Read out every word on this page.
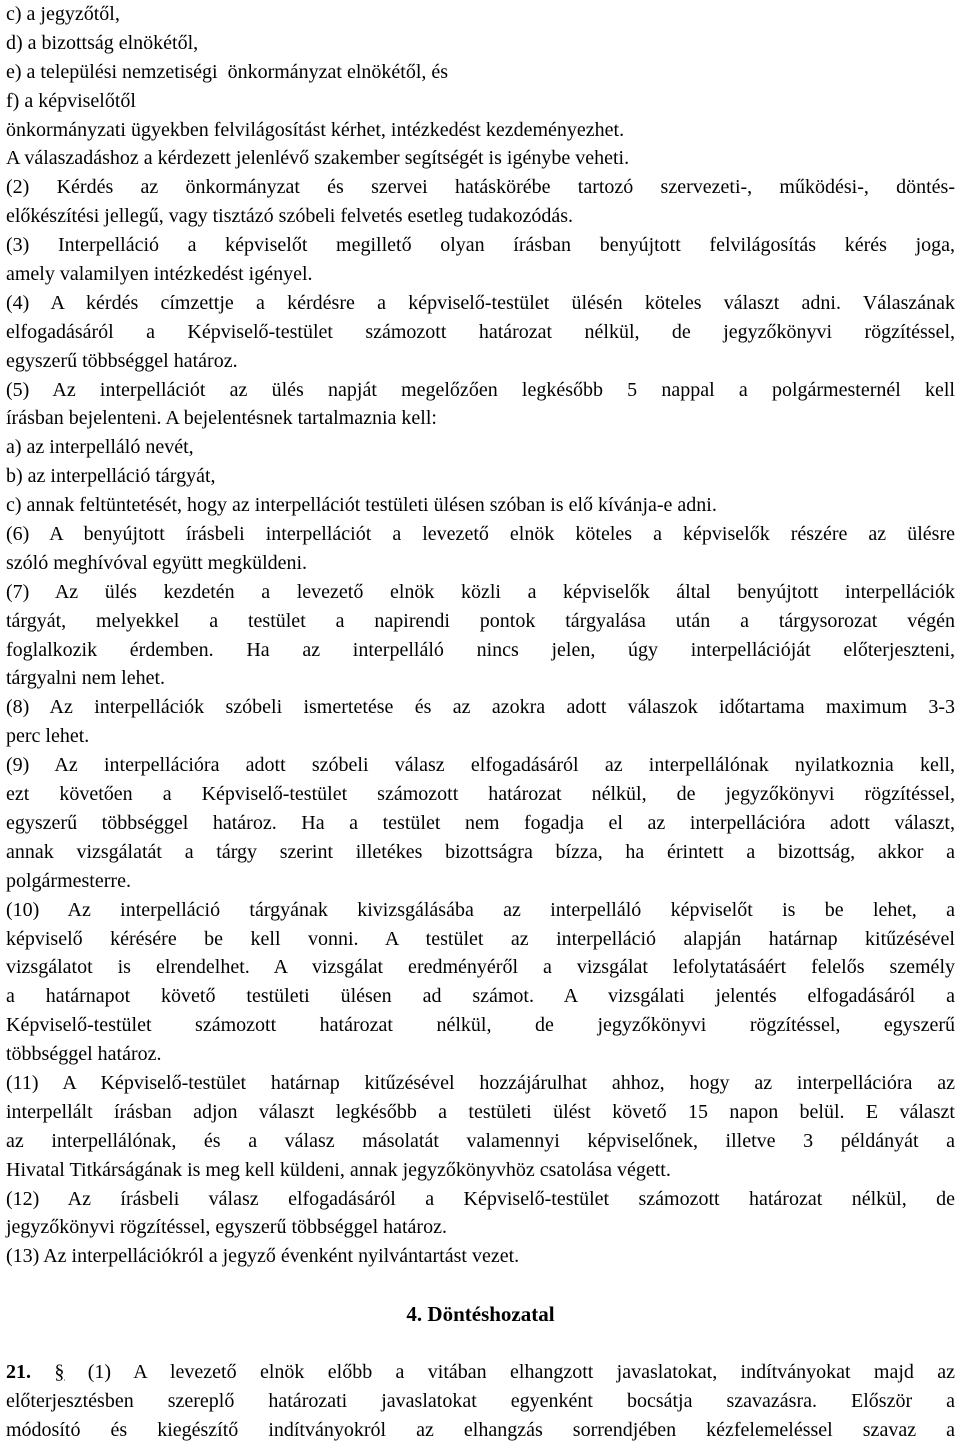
c) a jegyzőtől,
d) a bizottság elnökétől,
e) a települési nemzetiségi  önkormányzat elnökétől, és
f) a képviselőtől
önkormányzati ügyekben felvilágosítást kérhet, intézkedést kezdeményezhet.
A válaszadáshoz a kérdezett jelenlévő szakember segítségét is igénybe veheti.
(2) Kérdés az önkormányzat és szervei hatáskörébe tartozó szervezeti-, működési-, döntés-
előkészítési jellegű, vagy tisztázó szóbeli felvetés esetleg tudakozódás.
(3) Interpelláció a képviselőt megillető olyan írásban benyújtott felvilágosítás kérés joga,
amely valamilyen intézkedést igényel.
(4) A kérdés címzettje a kérdésre a képviselő-testület ülésén köteles választ adni. Válaszának
elfogadásáról a Képviselő-testület számozott határozat nélkül, de jegyzőkönyvi rögzítéssel,
egyszerű többséggel határoz.
(5) Az interpellációt az ülés napját megelőzően legkésőbb 5 nappal a polgármesternél kell
írásban bejelenteni. A bejelentésnek tartalmaznia kell:
a) az interpelláló nevét,
b) az interpelláció tárgyát,
c) annak feltüntetését, hogy az interpellációt testületi ülésen szóban is elő kívánja-e adni.
(6) A benyújtott írásbeli interpellációt a levezető elnök köteles a képviselők részére az ülésre
szóló meghívóval együtt megküldeni.
(7) Az ülés kezdetén a levezető elnök közli a képviselők által benyújtott interpellációk
tárgyát, melyekkel a testület a napirendi pontok tárgyalása után a tárgysorozat végén
foglalkozik érdemben. Ha az interpelláló nincs jelen, úgy interpellációját előterjeszteni,
tárgyalni nem lehet.
(8) Az interpellációk szóbeli ismertetése és az azokra adott válaszok időtartama maximum 3-3
perc lehet.
(9) Az interpellációra adott szóbeli válasz elfogadásáról az interpellálónak nyilatkoznia kell,
ezt követően a Képviselő-testület számozott határozat nélkül, de jegyzőkönyvi rögzítéssel,
egyszerű többséggel határoz. Ha a testület nem fogadja el az interpellációra adott választ,
annak vizsgálatát a tárgy szerint illetékes bizottságra bízza, ha érintett a bizottság, akkor a
polgármesterre.
(10) Az interpelláció tárgyának kivizsgálásába az interpelláló képviselőt is be lehet, a
képviselő kérésére be kell vonni. A testület az interpelláció alapján határnap kitűzésével
vizsgálatot is elrendelhet. A vizsgálat eredményéről a vizsgálat lefolytatásáért felelős személy
a határnapot követő testületi ülésen ad számot. A vizsgálati jelentés elfogadásáról a
Képviselő-testület számozott határozat nélkül, de jegyzőkönyvi rögzítéssel, egyszerű
többséggel határoz.
(11) A Képviselő-testület határnap kitűzésével hozzájárulhat ahhoz, hogy az interpellációra az
interpellált írásban adjon választ legkésőbb a testületi ülést követő 15 napon belül. E választ
az interpellálónak, és a válasz másolatát valamennyi képviselőnek, illetve 3 példányát a
Hivatal Titkárságának is meg kell küldeni, annak jegyzőkönyvhöz csatolása végett.
(12) Az írásbeli válasz elfogadásáról a Képviselő-testület számozott határozat nélkül, de
jegyzőkönyvi rögzítéssel, egyszerű többséggel határoz.
(13) Az interpellációkról a jegyző évenként nyilvántartást vezet.
4. Döntéshozatal
21. § (1) A levezető elnök előbb a vitában elhangzott javaslatokat, indítványokat majd az
előterjesztésben szereplő határozati javaslatokat egyenként bocsátja szavazásra. Először a
módosító és kiegészítő indítványokról az elhangzás sorrendjében kézfelemeléssel szavaz a
